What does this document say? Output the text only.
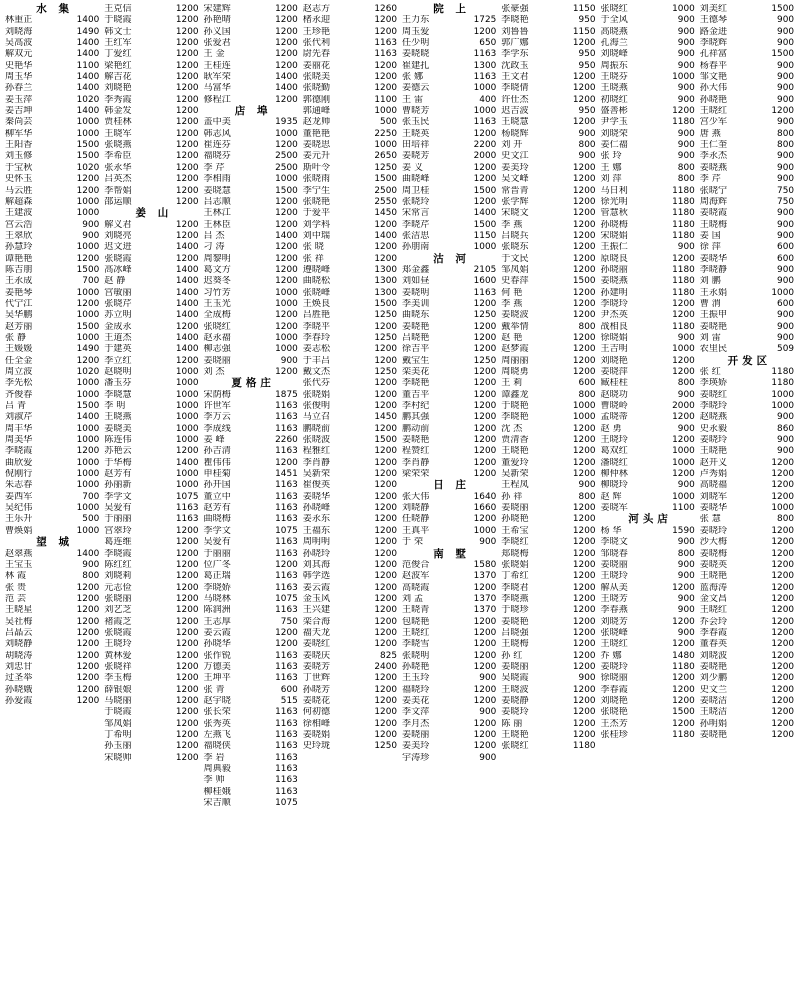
水 集
林重正	1400
刘晓海	1490
吴高波	1400
解双元	1400
史艳华	1100
周玉华	1400
孙春兰	1400
姜玉萍	1020
姜吉坤	1400
秦尚芸	1000
柳军华	1000
王阳香	1500
刘玉修	1500
于宝秋	1020
史怀玉	1200
马云胜	1200
解超森	1000
王建波	1000
宫云浩	900
王翠欣	900
孙慧玲	1000
谭艳艳	1200
陈吉朋	1500
王永成	700
姜艳琴	1000
代宁江	1200
吴华鹏	1000
赵芳丽	1500
张 静	1000
王媛媛	1490
任全金	1200
周立波	1020
李先松	1000
齐俊春	1000
吕 青	1500
刘淑芹	1400
周丰华	1000
周美华	1000
李晓霞	1200
曲欣爱	1000
倪刚行	1000
朱志春	1000
姜西军	700
吴纪伟	1000
王乐升	500
曹焕娟	1000
望 城
赵翠燕	1400
王宝玉	900
林 霞	800
张 贵	1200
范 芸	1200
王晓星	1200
吴社梅	1200
吕晶云	1200
刘晓静	1200
胡晓涛	1200
刘忠甘	1200
过圣举	1200
孙晓娥	1200
孙爱霞	1200
王克信	1200
于晓霞	1200
韩文士	1200
王红军	1200
丁爱红	1200
梁艳红	1200
解吉花	1200
刘晓艳	1200
李秀霞	1200
韩金发	1200
贾桂林	1200
王晓军	1200
张晓燕	1200
李希臣	1200
张永华	1200
吕英杰	1200
李帮娟	1200
邵运顺	1200
姜 山
解义君	1200
刘晓亮	1200
迟文进	1400
张晓霞	1200
高冰峰	1400
赵 静	1400
宫敏丽	1400
张晓芹	1400
苏立明	1400
金成永	1200
王道杰	1400
于建英	1400
李立红	1200
赵晓明	1000
潘玉芬	1000
李晓慧	1000
李 明	1000
王晓燕	1000
姜晓美	1000
陈连伟	1000
苏艳云	1200
于华梅	1400
赵芳有	1000
孙丽新	1000
李学文	1075
吴爱有	1163
于丽丽	1163
宫翠玲	1200
葛连维	1200
李晓霞	1200
陈红红	1200
刘晓莉	1200
元志俭	1200
张晓丽	1200
刘艺芝	1200
褚霞芝	1200
张晓霞	1200
王晓玲	1200
黄林爱	1200
张晓祥	1200
李玉梅	1200
薛银娘	1200
马晓丽	1200
于晓霞	1200
邹凤娟	1200
丁希明	1200
孙玉丽	1200
宋晓帅	1200
宋建辉	1200
孙艳晴	1200
孙义国	1200
张爱君	1200
王 金	1200
王桂连	1200
耿军荣	1400
马富华	1400
修程江	1200
店 埠
盖中美	1935
韩志风	1000
崔连芬	1200
福晓芬	2500
李 芹	2500
李相雨	1000
姜晓慧	1500
吕志顺	1200
王林江	1200
王林臣	1200
吕 杰	1400
刁 涛	1200
周黎明	1200
葛文方	1200
迟葵冬	1200
习竹芳	1000
王玉光	1000
全成梅	1200
张晓红	1200
赵永福	1000
柳志强	1000
姜晓丽	900
刘 杰	1200
夏格庄
宋荫梅	1875
许世军	1163
李万云	1163
李成线	1163
姜 峰	2260
孙吉清	1163
瞿伟伟	1200
申桂菊	1451
孙开国	1163
董立中	1163
赵芳有	1163
曲晓梅	1163
李学文	1075
吴爱有	1163
于丽丽	1163
位广冬	1200
葛正瑞	1163
李晓娇	1163
马晓林	1075
陈润洲	1163
王志厚	750
姜云霞	1200
孙晓华	1200
张作锐	1163
万德美	1163
王坤平	1163
张 青	600
赵宇晓	515
张长荣	1163
张秀英	1163
左燕飞	1163
福晓侠	1163
李 岩	1163
周典毅	1163
李 帅	1163
柳桂娥	1163
宋吉顺	1075
赵志方	1260
楮永迎	1200
王珍艳	1200
张代利	1163
尉先春	1163
姜丽花	1200
张晓美	1200
张晓勤	1200
郭德刚	1100
郭通峰	1000
赵龙帅	500
董艳艳	2250
姜晓思	1000
姜元升	2650
斯叶令	1250
张晓雨	1500
李宁生	2500
张晓艳	2550
于爱平	1450
刘学科	1200
刘中瑞	1400
张 晓	1200
张 祥	1200
遵晓峰	1300
曲晓松	1300
张晓峰	1300
王焕良	1500
吕胜艳	1250
李晓平	1200
李春玲	1250
姜志松	1200
于丰吕	1200
戴文杰	1250
张代芬	1200
张晓娟	1200
张俊明	1200
马立召	1450
鹏晓前	1200
张晓波	1500
程雅红	1200
李肖静	1200
吴新荣	1200
崔俊英	1200
姜晓华	1200
孙晓峰	1200
姜永东	1200
王福东	1200
周明明	1200
孙晓玲	1200
刘其海	1200
韩学选	1200
姜云霞	1200
金玉风	1200
王兴建	1200
栾合海	1200
福天龙	1200
姜晓红	1200
姜晓庆	825
姜晓芳	2400
丁世辉	1200
孙晓芳	1200
姜晓花	1200
何初德	1200
徐相峰	1200
姜晓娟	1200
史玲珑	1250
院 上
王力东	1725
周玉爱	1200
任少明	650
姜晓晓	1163
崔建扎	1300
张 娜	1163
姜德云	1000
王 雷	400
曹晓芳	1000
张玉民	1163
王晓英	1200
田培祥	2200
姜晓芳	2000
姜 义	1200
曲晓峰	1200
周卫桂	1500
张晓玲	1200
宋常言	1400
李晓芹	1500
张洁思	1150
孙朋南	1000
沽 河
郑金鑫	2105
刘如昼	1600
姜晓明	1163
李美训	1200
曲晓东	1250
姜晓艳	1200
吕晓艳	1200
徐吉平	1200
戴宝生	1250
栾美花	1200
李晓艳	1200
董吉平	1200
李村纪	1200
鹏其强	1200
鹏动前	1200
姜晓艳	1200
程赞红	1200
李肖静	1200
梁荣荣	1200
日 庄
张大伟	1640
刘晓静	1660
任晓静	1200
王真平	1000
于 荣	900
南 墅
范俊合	1580
赵波军	1370
高晓霞	1200
刘 孟	1370
王晓青	1370
包晓艳	1200
王晓红	1200
李晓雪	1200
张晓明	1200
孙晓艳	1200
王玉玲	900
福晓玲	1200
姜美花	1200
李文萍	900
李月杰	1200
姜晓丽	1200
姜美玲	1200
宇涛珍	900
张豪强	1150
李晓艳	950
刘鲁鲁	1150
郭广娜	1200
李学东	950
沈政玉	950
王文君	1200
李晓倩	1200
许仕杰	1200
迟吉波	950
王晓慧	1200
杨晓辉	900
刘 开	800
史文江	900
姜美玲	1200
吴文峰	1200
常晋青	1200
张学辉	1200
宋晓文	1200
李 燕	1200
吕晓兵	1200
张晓东	1200
于文民	1200
邹凤娟	1200
史春萍	1500
何 艳	1200
李 燕	1200
姜晓波	1200
戴举情	800
赵 艳	1200
赵梦霞	1200
周丽丽	1200
周晓勇	1200
王 莉	600
谭鑫龙	800
于晓艳	1000
李晓艳	1000
沈 杰	1200
贾清香	1200
王晓艳	1200
董爱玲	1200
吴新荣	1200
王程凤	900
孙 祥	800
姜晓丽	1200
孙晓艳	1200
王希宝	1200
李晓红	1200
郑晓梅	1200
张晓娟	1200
丁希红	1200
李晓君	1200
李晓燕	1200
于晓珍	1200
姜晓艳	1200
吕晓强	1200
王晓梅	1200
孙 红	1200
姜晓丽	1200
吴晓霞	900
王晓波	1200
姜晓静	1200
姜晓玲	1200
陈 丽	1200
王晓艳	1200
张晓红	1180
张晓红	1000
于全风	900
高晓燕	900
孔海兰	900
刘晓峰	900
周振东	900
王晓芬	1000
王晓燕	900
初晓红	900
盛善彬	1200
尹学玉	1180
刘晓荣	900
姜仁福	900
张 玲	900
王 娜	800
刘 萍	800
马日利	1180
徐光明	1180
管慧秋	1180
孙晓梅	1180
宋晓娟	1180
王振仁	900
原晓良	1200
孙晓丽	1180
姜晓燕	1180
孙建明	1180
李晓玲	1200
尹杰英	1200
战相良	1180
徐晓娟	900
王吉明	1000
刘晓艳	1200
姜晓萍	1200
臧桂柱	800
赵晓功	900
曹晓岭	2000
孟晓蒂	1200
赵 勇	900
王晓玲	1200
葛双红	1000
潘晓红	1000
柳仲林	1200
柳晓玲	900
赵 辉	1000
姜晓军	1100
河头店
杨 华	1590
李晓文	900
邹晓春	800
姜晓丽	900
王晓玲	900
解从美	1200
王晓芳	900
李春燕	900
刘晓芳	1200
张晓峰	900
王晓红	1200
乔 娜	1480
姜晓玲	1180
徐晓丽	1200
李春霞	1200
刘晓艳	1200
张晓艳	1500
王杰芳	1200
张桂珍	1180
刘美红	1500
王德琴	900
路金进	900
李晓辉	900
孔祥富	1500
杨春平	900
邹文艳	900
孙大伟	900
孙晓艳	900
王晓红	1200
宫少军	900
唐 燕	800
王仁奎	800
李永杰	900
姜晓燕	900
李 芹	900
张晓宁	750
周海辉	750
姜晓霞	900
王晓梅	900
姜 国	900
徐 萍	600
姜晓华	600
李晓静	900
刘 鹏	900
王永娟	1000
曹 渭	600
王振甲	900
姜晓艳	900
刘 雷	900
农里民	509
开发区
张 红	1180
李瑛娇	1180
姜晓红	1000
李晓玲	1000
赵晓燕	900
史永毅	860
姜晓玲	900
王晓艳	900
赵开义	1200
卢秀娟	1200
高晓福	1200
刘晓军	1200
姜晓华	1000
张 慧	800
姜晓玲	1200
沙大梅	1200
姜晓梅	1200
姜晓英	1200
王晓艳	1200
蓝海涛	1200
金文昌	1200
王晓红	1200
乔会玲	1200
李春霞	1200
董春英	1200
刘晓波	1200
姜晓艳	1200
刘少鹏	1200
史文兰	1200
姜晓洁	1200
王晓洁	1200
孙明娟	1200
姜晓艳	1200
